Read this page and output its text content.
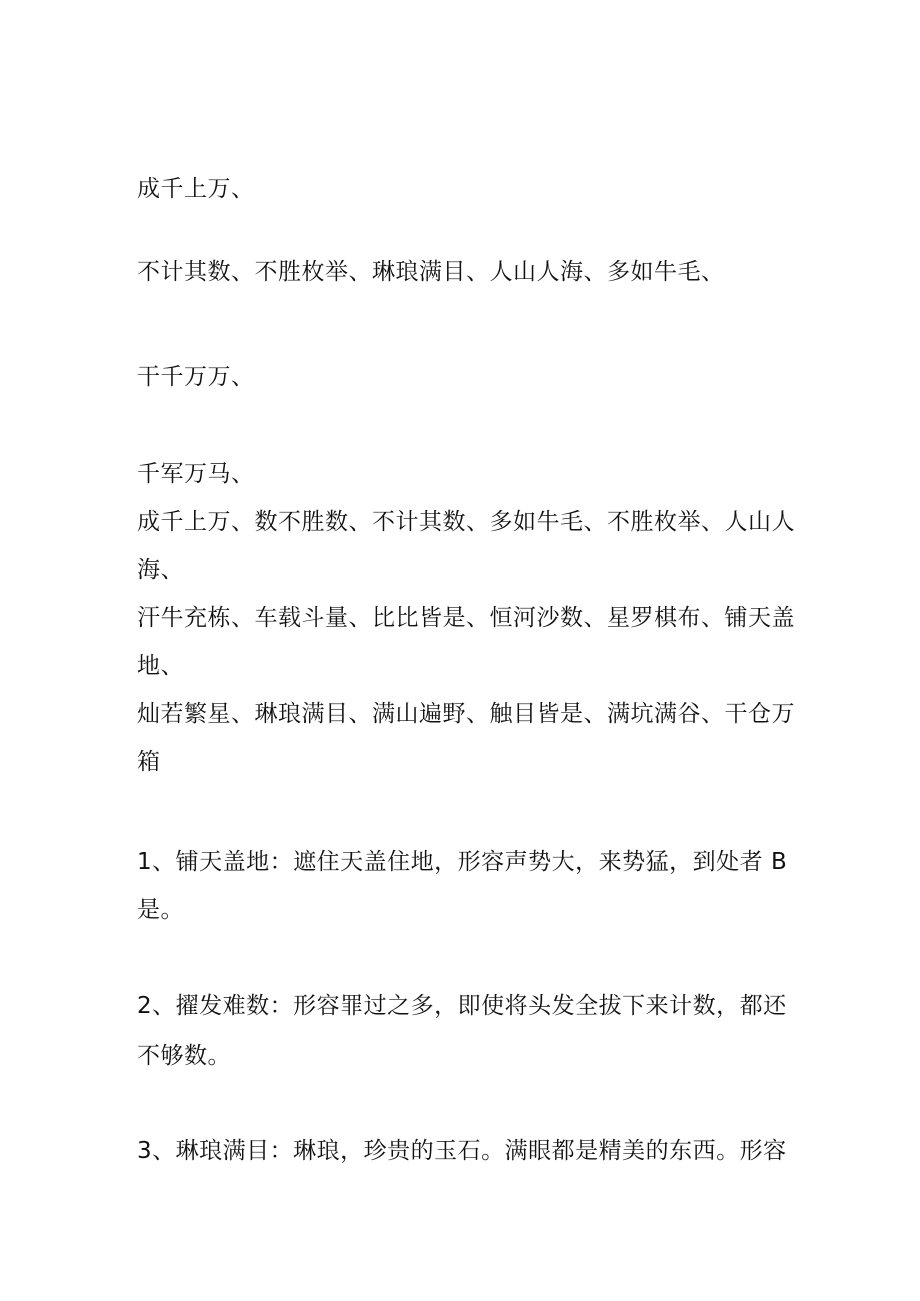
成千上万、
不计其数、不胜枚举、琳琅满目、人山人海、多如牛毛、
干千万万、
千军万马、
成千上万、数不胜数、不计其数、多如牛毛、不胜枚举、人山人
海、
汗牛充栋、车载斗量、比比皆是、恒河沙数、星罗棋布、铺天盖
地、
灿若繁星、琳琅满目、满山遍野、触目皆是、满坑满谷、干仓万
箱
1、铺天盖地：遮住天盖住地，形容声势大，来势猛，到处者 B
是。
2、擢发难数：形容罪过之多，即使将头发全拔下来计数，都还
不够数。
3、琳琅满目：琳琅，珍贵的玉石。满眼都是精美的东西。形容
